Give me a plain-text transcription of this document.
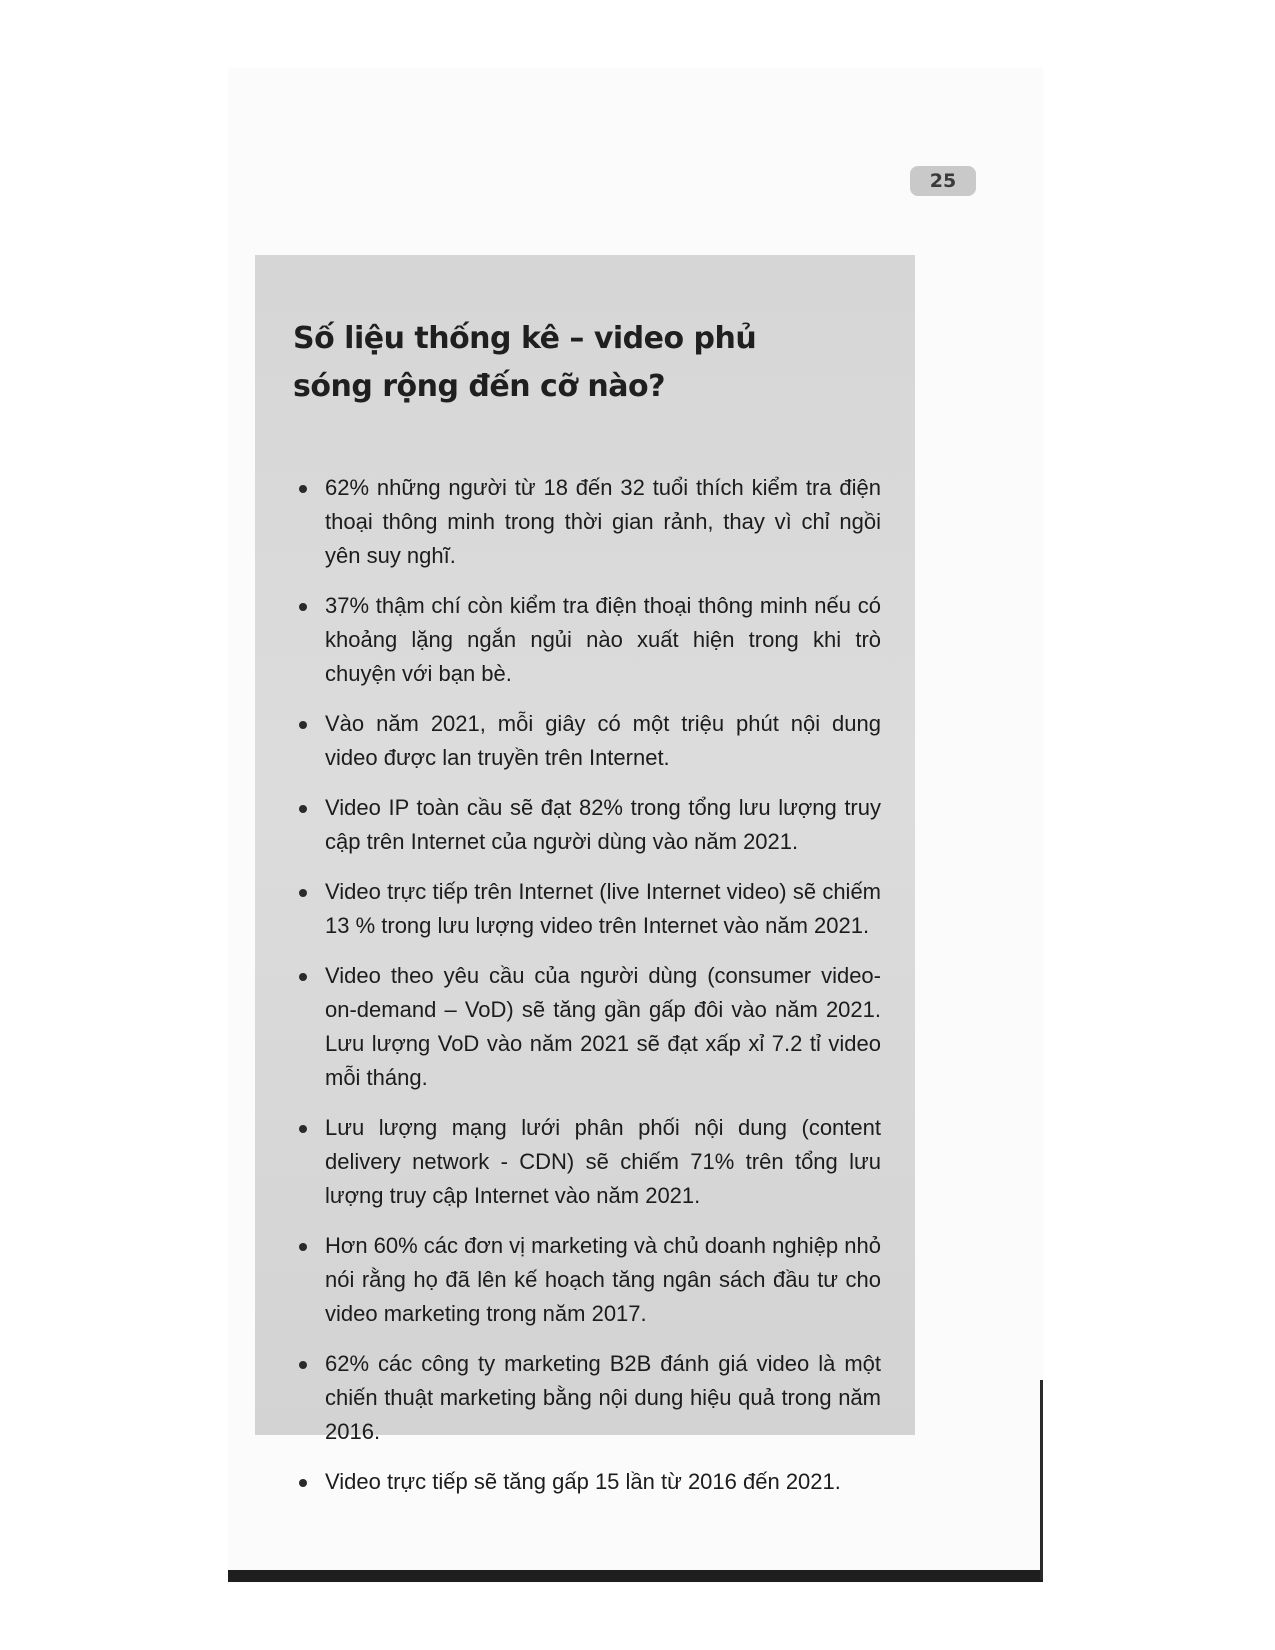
25
Số liệu thống kê – video phủ sóng rộng đến cỡ nào?
62% những người từ 18 đến 32 tuổi thích kiểm tra điện thoại thông minh trong thời gian rảnh, thay vì chỉ ngồi yên suy nghĩ.
37% thậm chí còn kiểm tra điện thoại thông minh nếu có khoảng lặng ngắn ngủi nào xuất hiện trong khi trò chuyện với bạn bè.
Vào năm 2021, mỗi giây có một triệu phút nội dung video được lan truyền trên Internet.
Video IP toàn cầu sẽ đạt 82% trong tổng lưu lượng truy cập trên Internet của người dùng vào năm 2021.
Video trực tiếp trên Internet (live Internet video) sẽ chiếm 13 % trong lưu lượng video trên Internet vào năm 2021.
Video theo yêu cầu của người dùng (consumer video-on-demand – VoD) sẽ tăng gần gấp đôi vào năm 2021. Lưu lượng VoD vào năm 2021 sẽ đạt xấp xỉ 7.2 tỉ video mỗi tháng.
Lưu lượng mạng lưới phân phối nội dung (content delivery network - CDN) sẽ chiếm 71% trên tổng lưu lượng truy cập Internet vào năm 2021.
Hơn 60% các đơn vị marketing và chủ doanh nghiệp nhỏ nói rằng họ đã lên kế hoạch tăng ngân sách đầu tư cho video marketing trong năm 2017.
62% các công ty marketing B2B đánh giá video là một chiến thuật marketing bằng nội dung hiệu quả trong năm 2016.
Video trực tiếp sẽ tăng gấp 15 lần từ 2016 đến 2021.
